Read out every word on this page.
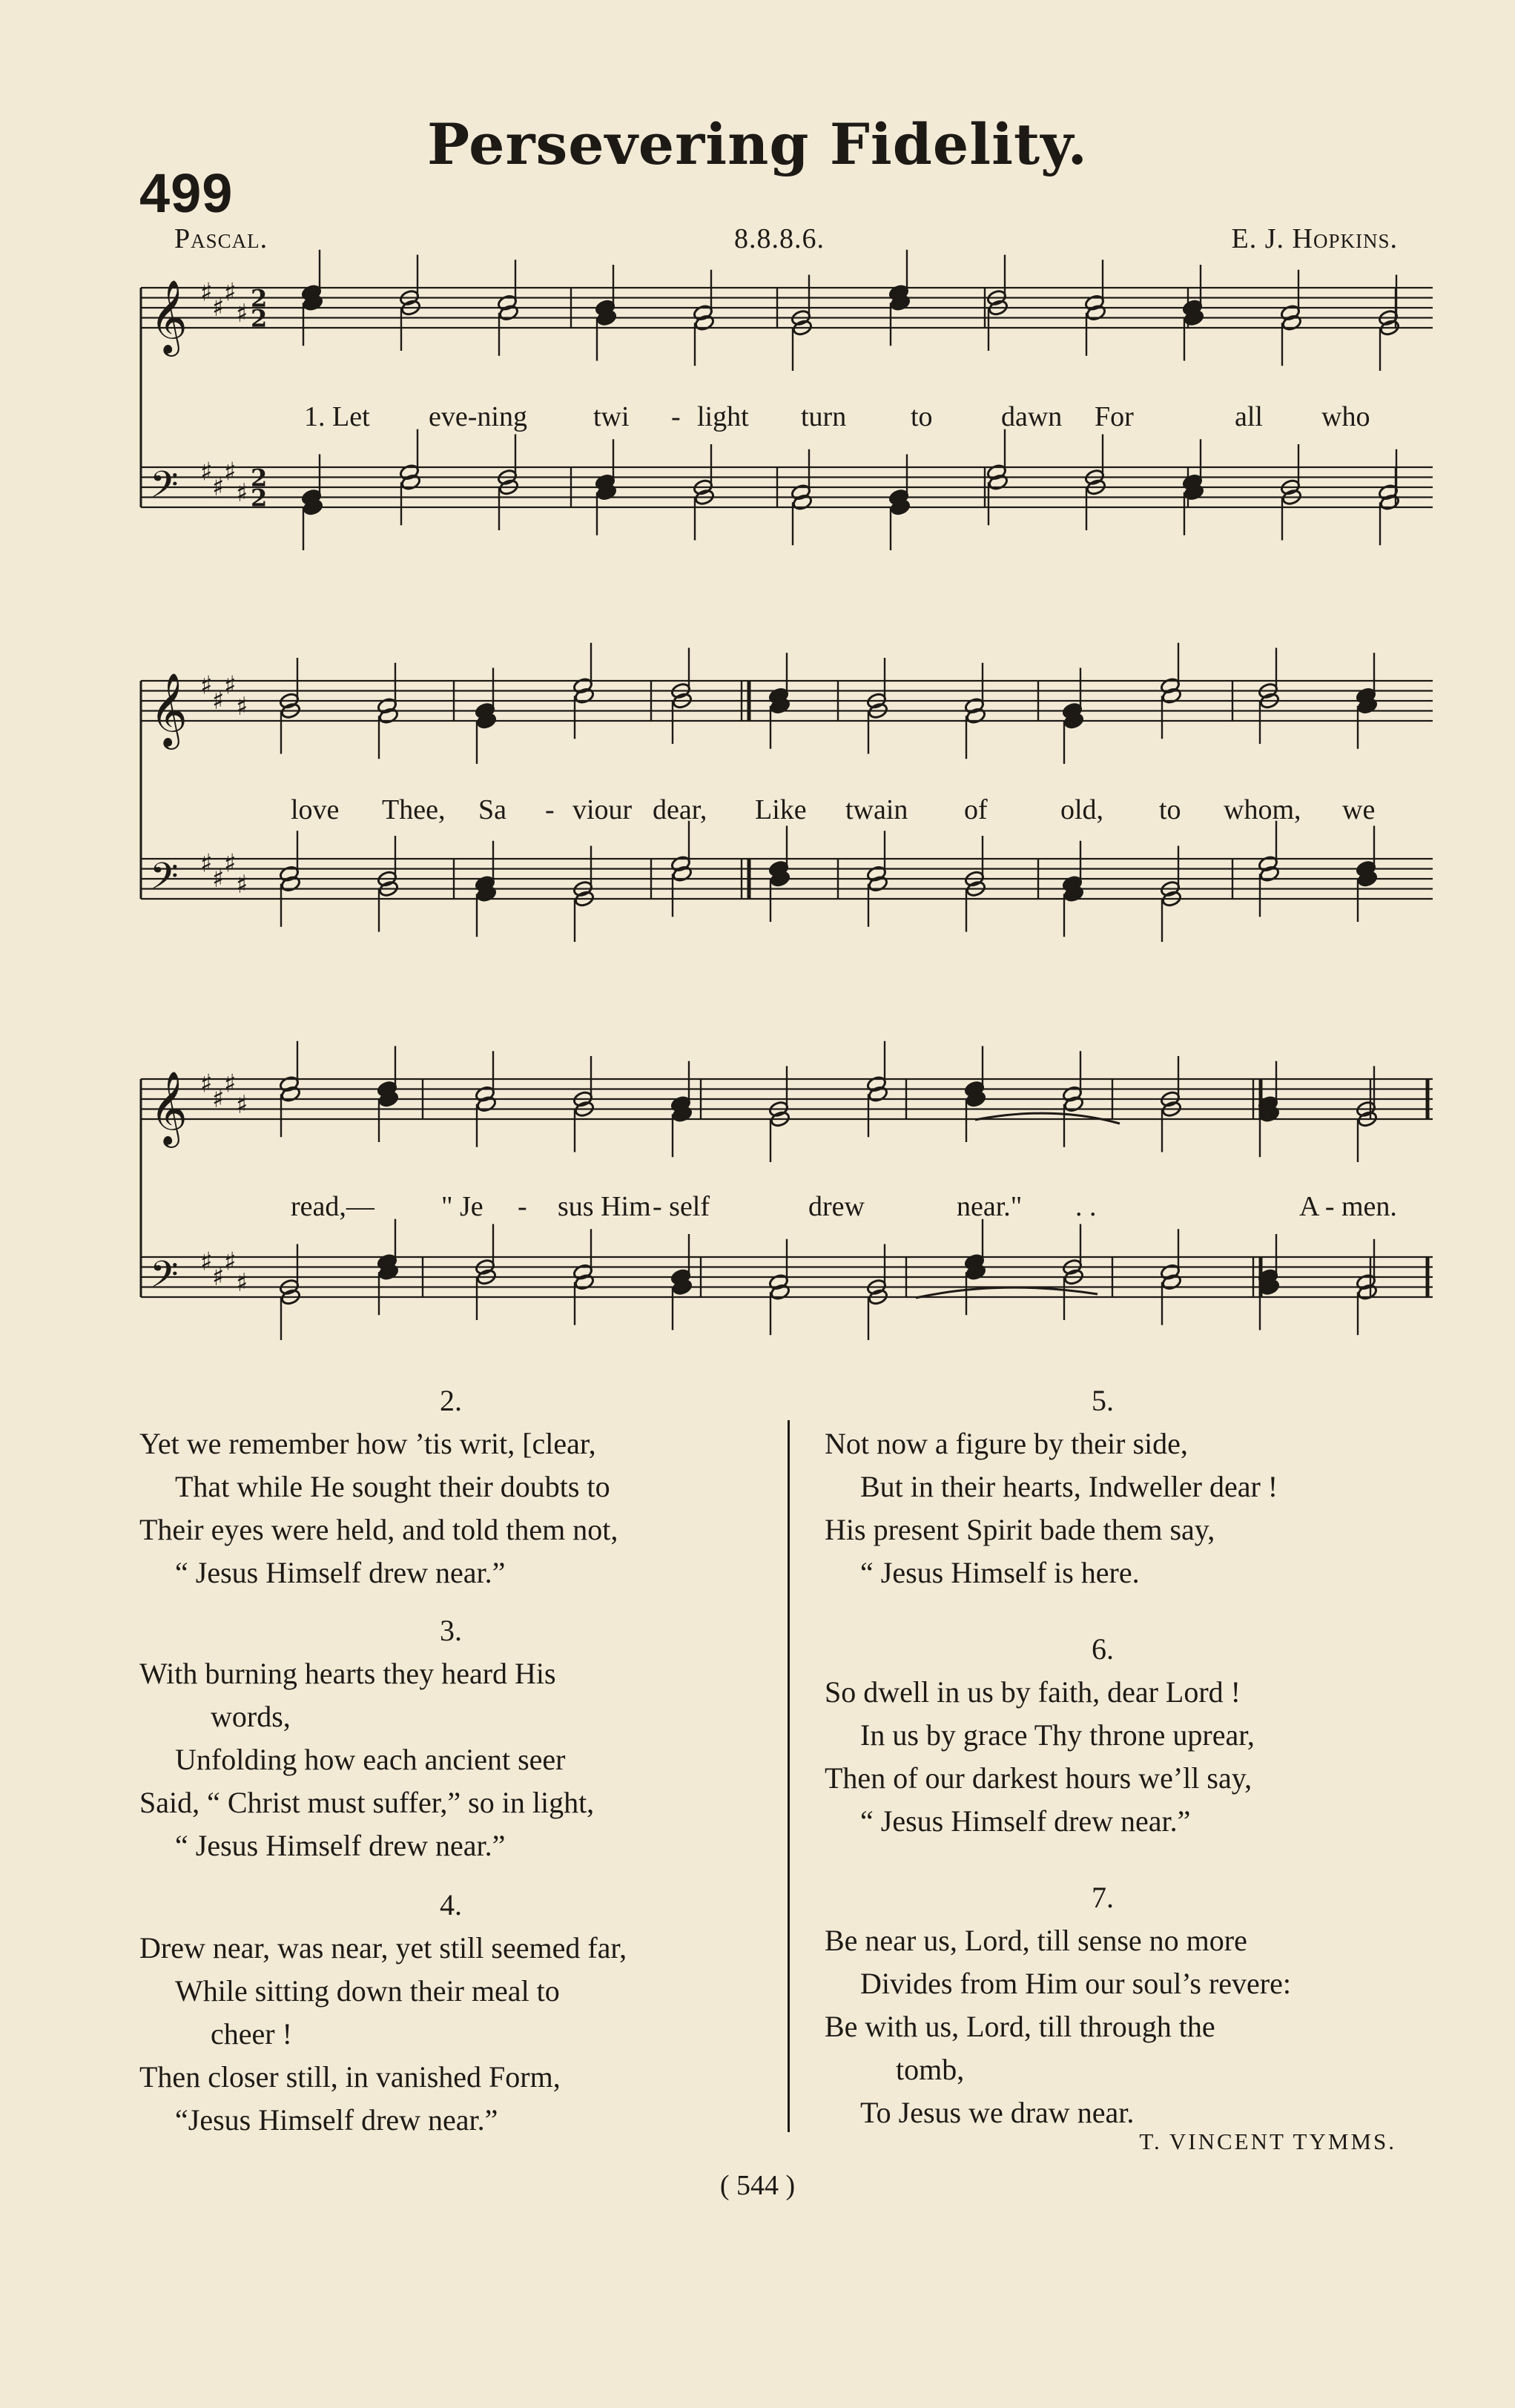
499
Persevering Fidelity.
Pascal.	8.8.8.6.	E. J. Hopkins.
𝄞 ♯
♯
♯
♯
2
2
𝄢 ♯
♯
♯
♯
2
2
𝄞 ♯
♯
♯
♯
𝄢 ♯
♯
♯
♯
𝄞 ♯
♯
♯
♯
𝄢 ♯
♯
♯
♯
1. Let eve-ning twi - light turn to dawn For	all who
love Thee, Sa - viour dear, Like twain of	old, to whom, we
read,— " Je - sus Him - self	drew	near." . .	A - men.
2.
Yet we remember how ’tis writ, [clear,
That while He sought their doubts to
Their eyes were held, and told them not,
“ Jesus Himself drew near.”
3.
With burning hearts they heard His
words,
Unfolding how each ancient seer
Said, “ Christ must suffer,” so in light,
“ Jesus Himself drew near.”
4.
Drew near, was near, yet still seemed far,
While sitting down their meal to
cheer !
Then closer still, in vanished Form,
“Jesus Himself drew near.”
5.
Not now a figure by their side,
But in their hearts, Indweller dear !
His present Spirit bade them say,
“ Jesus Himself is here.
6.
So dwell in us by faith, dear Lord !
In us by grace Thy throne uprear,
Then of our darkest hours we’ll say,
“ Jesus Himself drew near.”
7.
Be near us, Lord, till sense no more
Divides from Him our soul’s revere:
Be with us, Lord, till through the
tomb,
To Jesus we draw near.
T. VINCENT TYMMS.
( 544 )
